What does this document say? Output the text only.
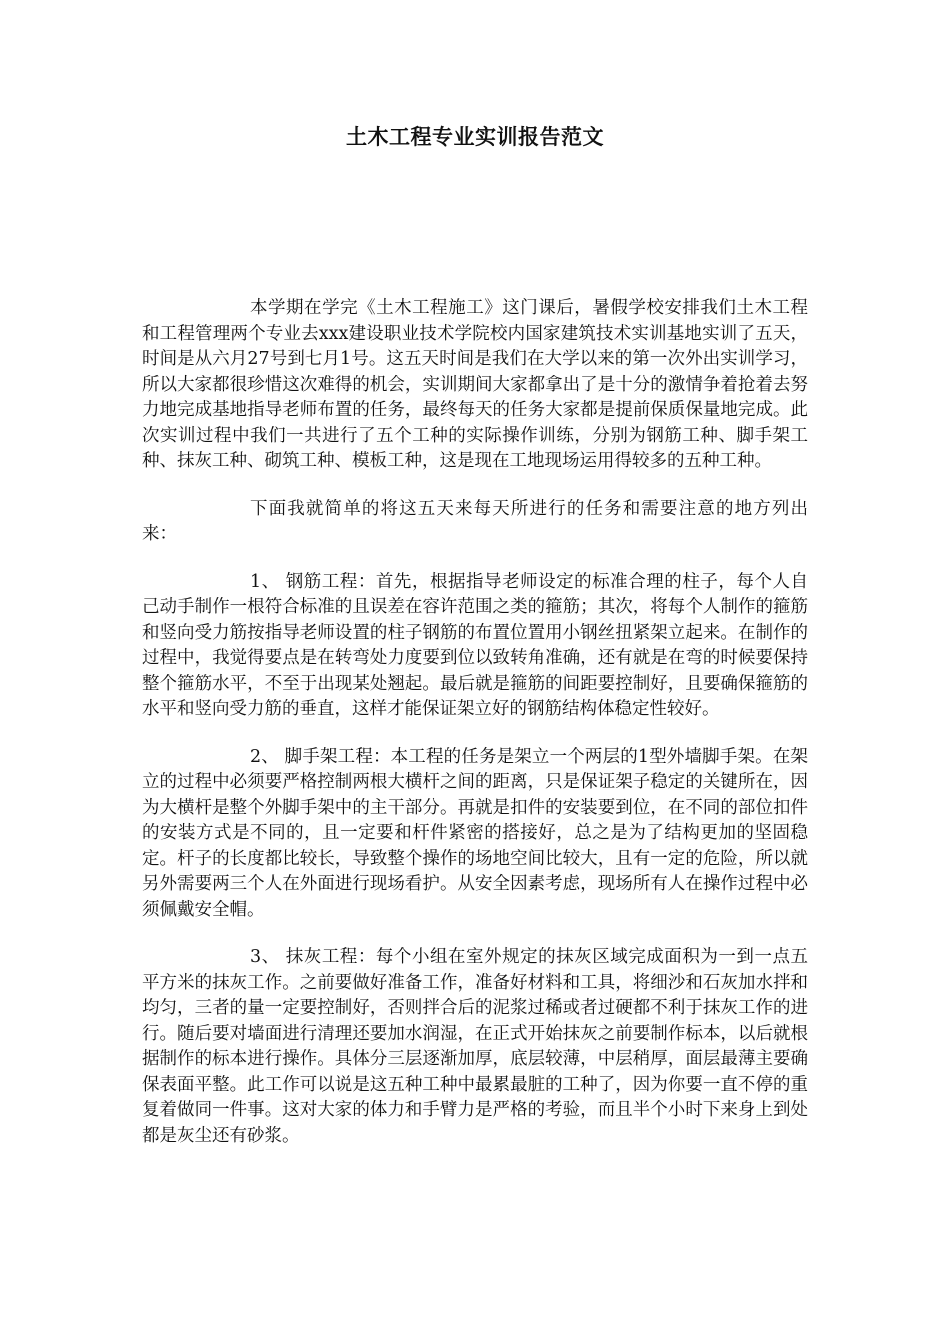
土木工程专业实训报告范文

本学期在学完《土木工程施工》这门课后，暑假学校安排我们土木工程和工程管理两个专业去xxx建设职业技术学院校内国家建筑技术实训基地实训了五天，时间是从六月27号到七月1号。这五天时间是我们在大学以来的第一次外出实训学习，所以大家都很珍惜这次难得的机会，实训期间大家都拿出了是十分的激情争着抢着去努力地完成基地指导老师布置的任务，最终每天的任务大家都是提前保质保量地完成。此次实训过程中我们一共进行了五个工种的实际操作训练，分别为钢筋工种、脚手架工种、抹灰工种、砌筑工种、模板工种，这是现在工地现场运用得较多的五种工种。

下面我就简单的将这五天来每天所进行的任务和需要注意的地方列出来：

1、 钢筋工程：首先，根据指导老师设定的标准合理的柱子，每个人自己动手制作一根符合标准的且误差在容许范围之类的箍筋；其次，将每个人制作的箍筋和竖向受力筋按指导老师设置的柱子钢筋的布置位置用小钢丝扭紧架立起来。在制作的过程中，我觉得要点是在转弯处力度要到位以致转角准确，还有就是在弯的时候要保持整个箍筋水平，不至于出现某处翘起。最后就是箍筋的间距要控制好，且要确保箍筋的水平和竖向受力筋的垂直，这样才能保证架立好的钢筋结构体稳定性较好。

2、 脚手架工程：本工程的任务是架立一个两层的1型外墙脚手架。在架立的过程中必须要严格控制两根大横杆之间的距离，只是保证架子稳定的关键所在，因为大横杆是整个外脚手架中的主干部分。再就是扣件的安装要到位，在不同的部位扣件的安装方式是不同的，且一定要和杆件紧密的搭接好，总之是为了结构更加的坚固稳定。杆子的长度都比较长，导致整个操作的场地空间比较大，且有一定的危险，所以就另外需要两三个人在外面进行现场看护。从安全因素考虑，现场所有人在操作过程中必须佩戴安全帽。

3、 抹灰工程：每个小组在室外规定的抹灰区域完成面积为一到一点五平方米的抹灰工作。之前要做好准备工作，准备好材料和工具，将细沙和石灰加水拌和均匀，三者的量一定要控制好，否则拌合后的泥浆过稀或者过硬都不利于抹灰工作的进行。随后要对墙面进行清理还要加水润湿，在正式开始抹灰之前要制作标本，以后就根据制作的标本进行操作。具体分三层逐渐加厚，底层较薄，中层稍厚，面层最薄主要确保表面平整。此工作可以说是这五种工种中最累最脏的工种了，因为你要一直不停的重复着做同一件事。这对大家的体力和手臂力是严格的考验，而且半个小时下来身上到处都是灰尘还有砂浆。
